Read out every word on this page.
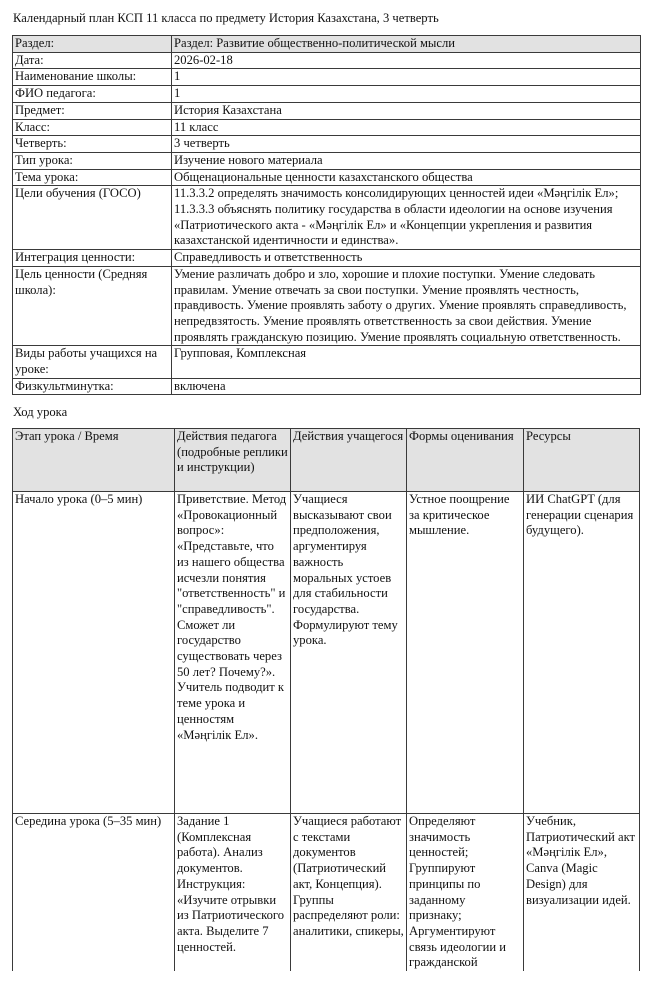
Календарный план КСП 11 класса по предмету История Казахстана, 3 четверть
Раздел:	Раздел: Развитие общественно-политической мысли
Дата:	2026-02-18
Наименование школы:	1
ФИО педагога:	1
Предмет:	История Казахстана
Класс:	11 класс
Четверть:	3 четверть
Тип урока:	Изучение нового материала
Тема урока:	Общенациональные ценности казахстанского общества
Цели обучения (ГОСО)	11.3.3.2 определять значимость консолидирующих ценностей идеи «Мәңгілік Ел»; 11.3.3.3 объяснять политику государства в области идеологии на основе изучения «Патриотического акта - «Мәңгілік Ел» и «Концепции укрепления и развития казахстанской идентичности и единства».
Интеграция ценности:	Справедливость и ответственность
Цель ценности (Средняя школа):	Умение различать добро и зло, хорошие и плохие поступки. Умение следовать правилам. Умение отвечать за свои поступки. Умение проявлять честность, правдивость. Умение проявлять заботу о других. Умение проявлять справедливость, непредвзятость. Умение проявлять ответственность за свои действия. Умение проявлять гражданскую позицию. Умение проявлять социальную ответственность.
Виды работы учащихся на уроке:	Групповая, Комплексная
Физкультминутка:	включена
Ход урока
Этап урока / Время	Действия педагога (подробные реплики и инструкции)	Действия учащегося	Формы оценивания	Ресурсы
Начало урока (0–5 мин)	Приветствие. Метод «Провокационный вопрос»: «Представьте, что из нашего общества исчезли понятия "ответственность" и "справедливость". Сможет ли государство существовать через 50 лет? Почему?». Учитель подводит к теме урока и ценностям «Мәңгілік Ел».	Учащиеся высказывают свои предположения, аргументируя важность моральных устоев для стабильности государства. Формулируют тему урока.	Устное поощрение за критическое мышление.	ИИ ChatGPT (для генерации сценария будущего).
Середина урока (5–35 мин)	Задание 1 (Комплексная работа). Анализ документов. Инструкция: «Изучите отрывки из Патриотического акта. Выделите 7 ценностей.	Учащиеся работают с текстами документов (Патриотический акт, Концепция). Группы распределяют роли: аналитики, спикеры,	Определяют значимость ценностей; Группируют принципы по заданному признаку; Аргументируют связь идеологии и гражданской	Учебник, Патриотический акт «Мәңгілік Ел», Canva (Magic Design) для визуализации идей.
